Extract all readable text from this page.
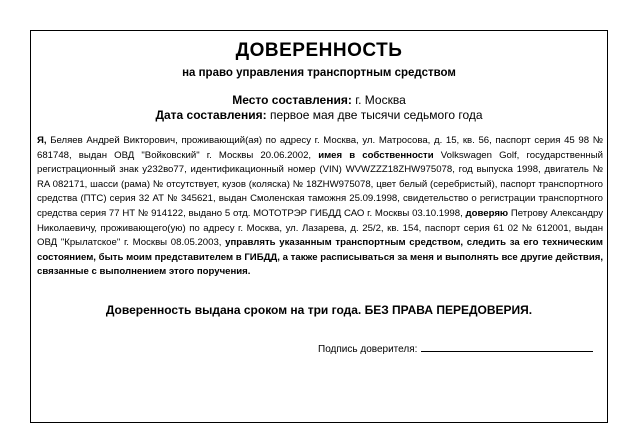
ДОВЕРЕННОСТЬ
на право управления транспортным средством
Место составления: г. Москва
Дата составления: первое мая две тысячи седьмого года

Я, Беляев Андрей Викторович, проживающий(ая) по адресу г. Москва, ул. Матросова, д. 15, кв. 56, паспорт серия 45 98 № 681748, выдан ОВД "Войковский" г. Москвы 20.06.2002, имея в собственности Volkswagen Golf, государственный регистрационный знак у232во77, идентификационный номер (VIN) WVWZZZ18ZHW975078, год выпуска 1998, двигатель № RA 082171, шасси (рама) № отсутствует, кузов (коляска) № 18ZHW975078, цвет белый (серебристый), паспорт транспортного средства (ПТС) серия 32 АТ № 345621, выдан Смоленская таможня 25.09.1998, свидетельство о регистрации транспортного средства серия 77 НТ № 914122, выдано 5 отд. МОТОТРЭР ГИБДД САО г. Москвы 03.10.1998, доверяю Петрову Александру Николаевичу, проживающего(ую) по адресу г. Москва, ул. Лазарева, д. 25/2, кв. 154, паспорт серия 61 02 № 612001, выдан ОВД "Крылатское" г. Москвы 08.05.2003, управлять указанным транспортным средством, следить за его техническим состоянием, быть моим представителем в ГИБДД, а также расписываться за меня и выполнять все другие действия, связанные с выполнением этого поручения.

Доверенность выдана сроком на три года. БЕЗ ПРАВА ПЕРЕДОВЕРИЯ.
Подпись доверителя:
